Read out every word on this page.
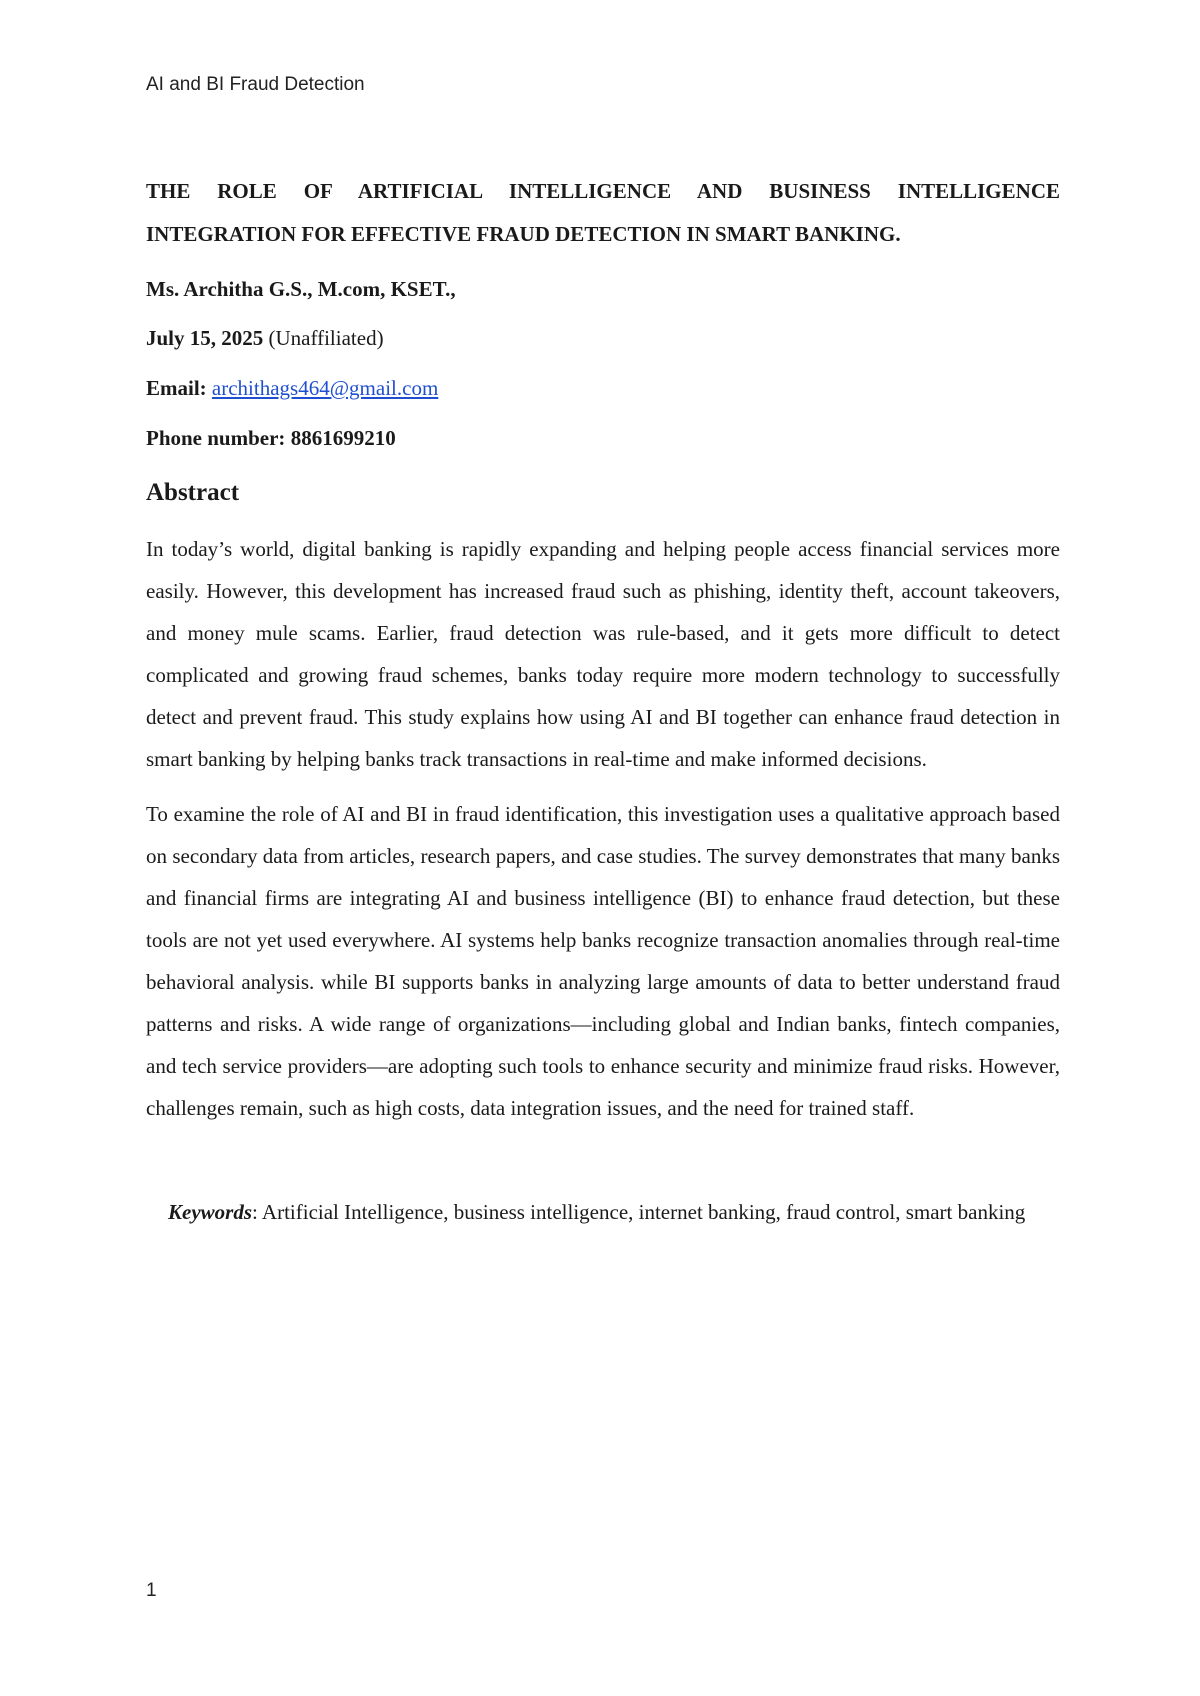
AI and BI Fraud Detection
THE ROLE OF ARTIFICIAL INTELLIGENCE AND BUSINESS INTELLIGENCE
INTEGRATION FOR EFFECTIVE FRAUD DETECTION IN SMART BANKING.

Ms. Architha G.S., M.com, KSET.,

July 15, 2025 (Unaffiliated)

Email: archithags464@gmail.com

Phone number: 8861699210

Abstract

In today’s world, digital banking is rapidly expanding and helping people access financial services more easily. However, this development has increased fraud such as phishing, identity theft, account takeovers, and money mule scams. Earlier, fraud detection was rule-based, and it gets more difficult to detect complicated and growing fraud schemes, banks today require more modern technology to successfully detect and prevent fraud. This study explains how using AI and BI together can enhance fraud detection in smart banking by helping banks track transactions in real-time and make informed decisions.

To examine the role of AI and BI in fraud identification, this investigation uses a qualitative approach based on secondary data from articles, research papers, and case studies. The survey demonstrates that many banks and financial firms are integrating AI and business intelligence (BI) to enhance fraud detection, but these tools are not yet used everywhere. AI systems help banks recognize transaction anomalies through real-time behavioral analysis. while BI supports banks in analyzing large amounts of data to better understand fraud patterns and risks. A wide range of organizations—including global and Indian banks, fintech companies, and tech service providers—are adopting such tools to enhance security and minimize fraud risks. However, challenges remain, such as high costs, data integration issues, and the need for trained staff.

Keywords: Artificial Intelligence, business intelligence, internet banking, fraud control, smart banking

1
